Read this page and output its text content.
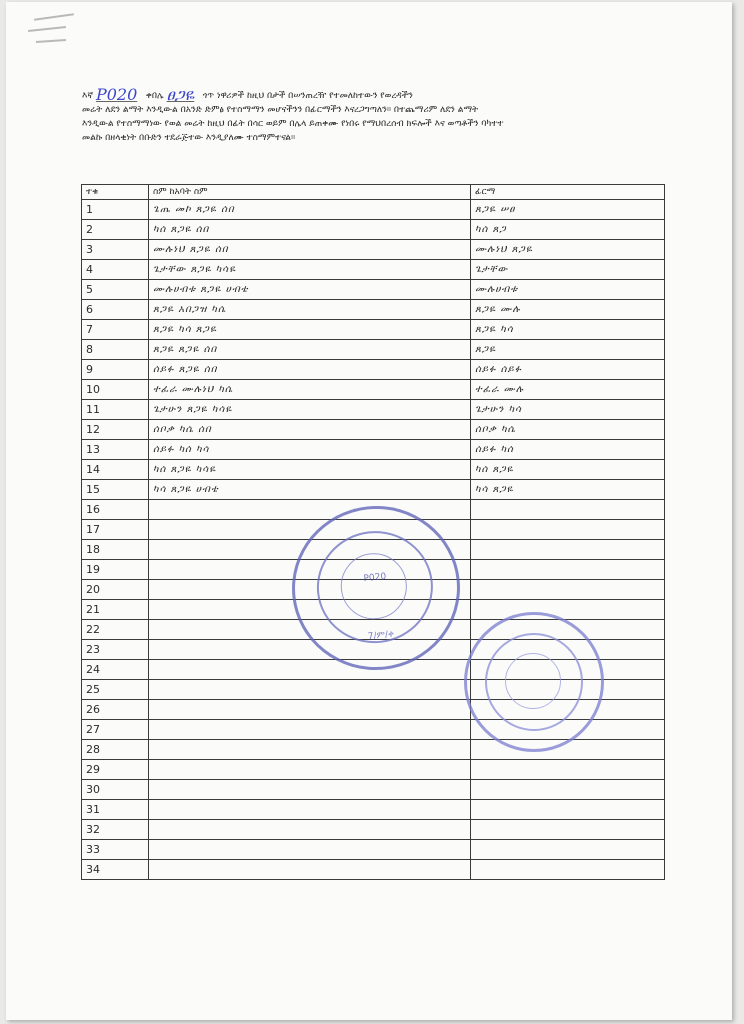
እኛ P020 ቀበሌ ፀጋዬ ጎጥ ነዋሪዎች ከዚህ በታች በሠንጠረዥ የተመለከተውን የወረዳችን
መሬት ለደን ልማት እንዲውል በአንድ ድምፅ የተስማማን መሆናችንን በፊርማችን እናረጋግጣለን። በተጨማሪም ለደን ልማት
እንዲውል የተስማማነው የወል መሬት ከዚህ በፊት በሳር ወይም በሌላ ይጠቀሙ የነበሩ የማህበረሰብ ክፍሎች እና ወጣቶችን ባካተተ
መልኩ በዘላቂነት በቡድን ተደራጅተው እንዲያለሙ ተስማምተናል።
ተቁ	ስም ከአባት ስም	ፊርማ
1	ጌጤ መኮ ጸጋዬ ሰበ	ጸጋዬ ሠፀ
2	ካሰ ጸጋዬ ሰበ	ካሰ ጸጋ
3	ሙሉነህ ጸጋዬ ሰበ	ሙሉነህ ጸጋዬ
4	ጌታቸው ጸጋዬ ካሳዬ	ጌታቸው
5	ሙሉሀብቱ ጸጋዬ ሀብቴ	ሙሉሀብቱ
6	ጸጋዬ አበጋዝ ካሴ	ጸጋዬ ሙሉ
7	ጸጋዬ ካሳ ጸጋዬ	ጸጋዬ ካሳ
8	ጸጋዬ ጸጋዬ ሰበ	ጸጋዬ
9	ሰይፉ ጸጋዬ ሰበ	ሰይፉ ሰይፉ
10	ተፈራ ሙሉነህ ካሴ	ተፈራ ሙሉ
11	ጌታሁን ጸጋዬ ካሳዬ	ጌታሁን ካሳ
12	ሰቦቃ ካሴ ሰበ	ሰቦቃ ካሴ
13	ሰይፉ ካሰ ካሳ	ሰይፉ ካሰ
14	ካሰ ጸጋዬ ካሳዬ	ካሰ ጸጋዬ
15	ካሳ ጸጋዬ ሀብቴ	ካሳ ጸጋዬ
16		
17		
18		
19		
20		
21		
22		
23		
24		
25		
26		
27		
28		
29		
30		
31		
32		
33		
34		
P020
7/ም/ቀ
